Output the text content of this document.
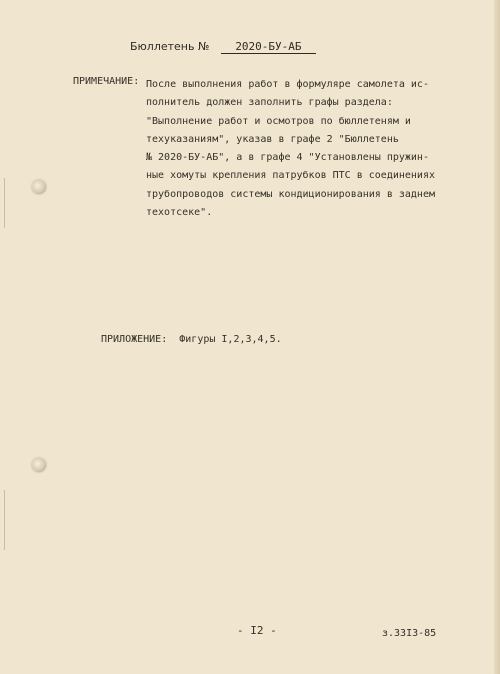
Бюллетень № 2020-БУ-АБ
ПРИМЕЧАНИЕ: После выполнения работ в формуляре самолета ис-

полнитель должен заполнить графы раздела:

"Выполнение работ и осмотров по бюллетеням и

техуказаниям", указав в графе 2 "Бюллетень

№ 2020-БУ-АБ", а в графе 4 "Установлены пружин-

ные хомуты крепления патрубков ПТС в соединениях

трубопроводов системы кондиционирования в заднем

техотсеке".

ПРИЛОЖЕНИЕ: Фигуры I,2,3,4,5.
- I2 -	з.33I3-85
